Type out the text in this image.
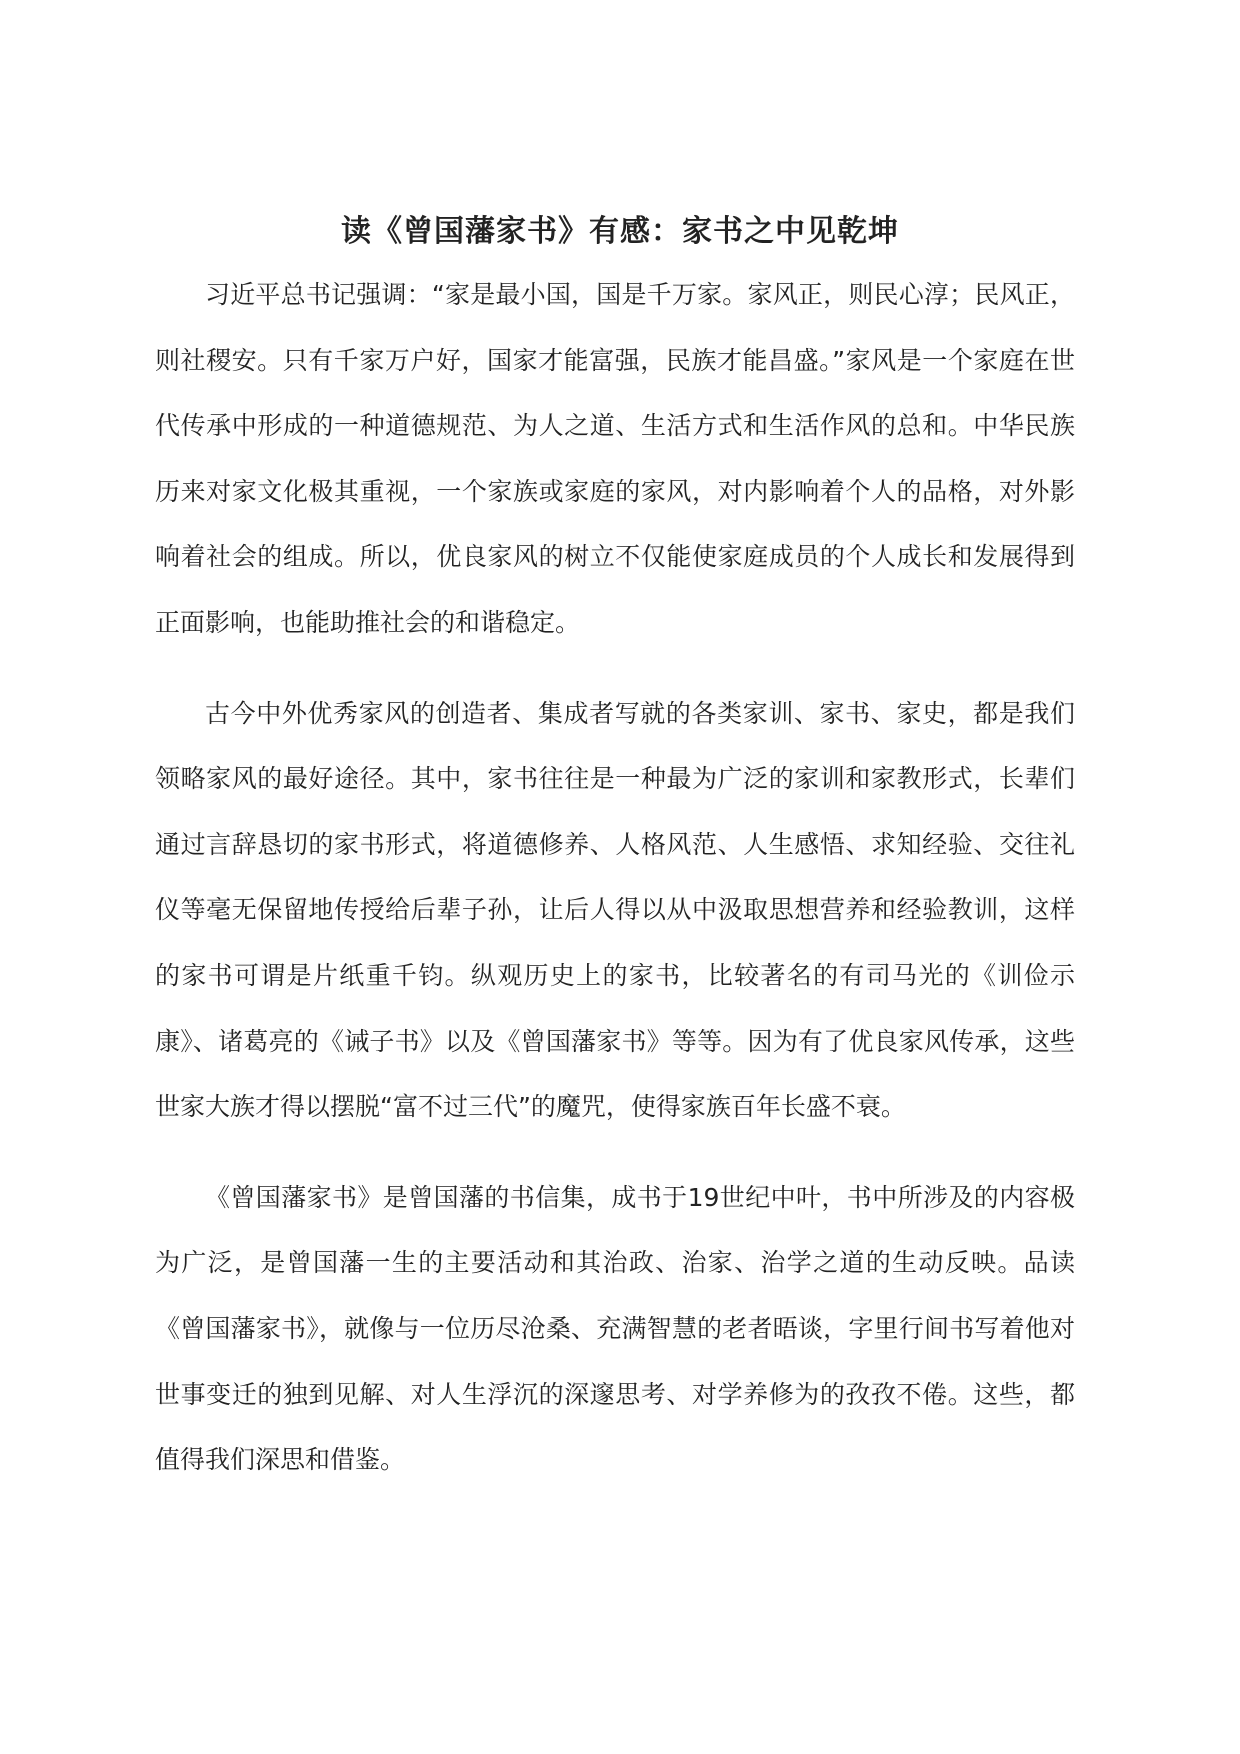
读《曾国藩家书》有感：家书之中见乾坤

习近平总书记强调：“家是最小国，国是千万家。家风正，则民心淳；民风正，则社稷安。只有千家万户好，国家才能富强，民族才能昌盛。”家风是一个家庭在世代传承中形成的一种道德规范、为人之道、生活方式和生活作风的总和。中华民族历来对家文化极其重视，一个家族或家庭的家风，对内影响着个人的品格，对外影响着社会的组成。所以，优良家风的树立不仅能使家庭成员的个人成长和发展得到正面影响，也能助推社会的和谐稳定。

古今中外优秀家风的创造者、集成者写就的各类家训、家书、家史，都是我们领略家风的最好途径。其中，家书往往是一种最为广泛的家训和家教形式，长辈们通过言辞恳切的家书形式，将道德修养、人格风范、人生感悟、求知经验、交往礼仪等毫无保留地传授给后辈子孙，让后人得以从中汲取思想营养和经验教训，这样的家书可谓是片纸重千钧。纵观历史上的家书，比较著名的有司马光的《训俭示康》、诸葛亮的《诫子书》以及《曾国藩家书》等等。因为有了优良家风传承，这些世家大族才得以摆脱“富不过三代”的魔咒，使得家族百年长盛不衰。

《曾国藩家书》是曾国藩的书信集，成书于19世纪中叶，书中所涉及的内容极为广泛，是曾国藩一生的主要活动和其治政、治家、治学之道的生动反映。品读《曾国藩家书》，就像与一位历尽沧桑、充满智慧的老者晤谈，字里行间书写着他对世事变迁的独到见解、对人生浮沉的深邃思考、对学养修为的孜孜不倦。这些，都值得我们深思和借鉴。
